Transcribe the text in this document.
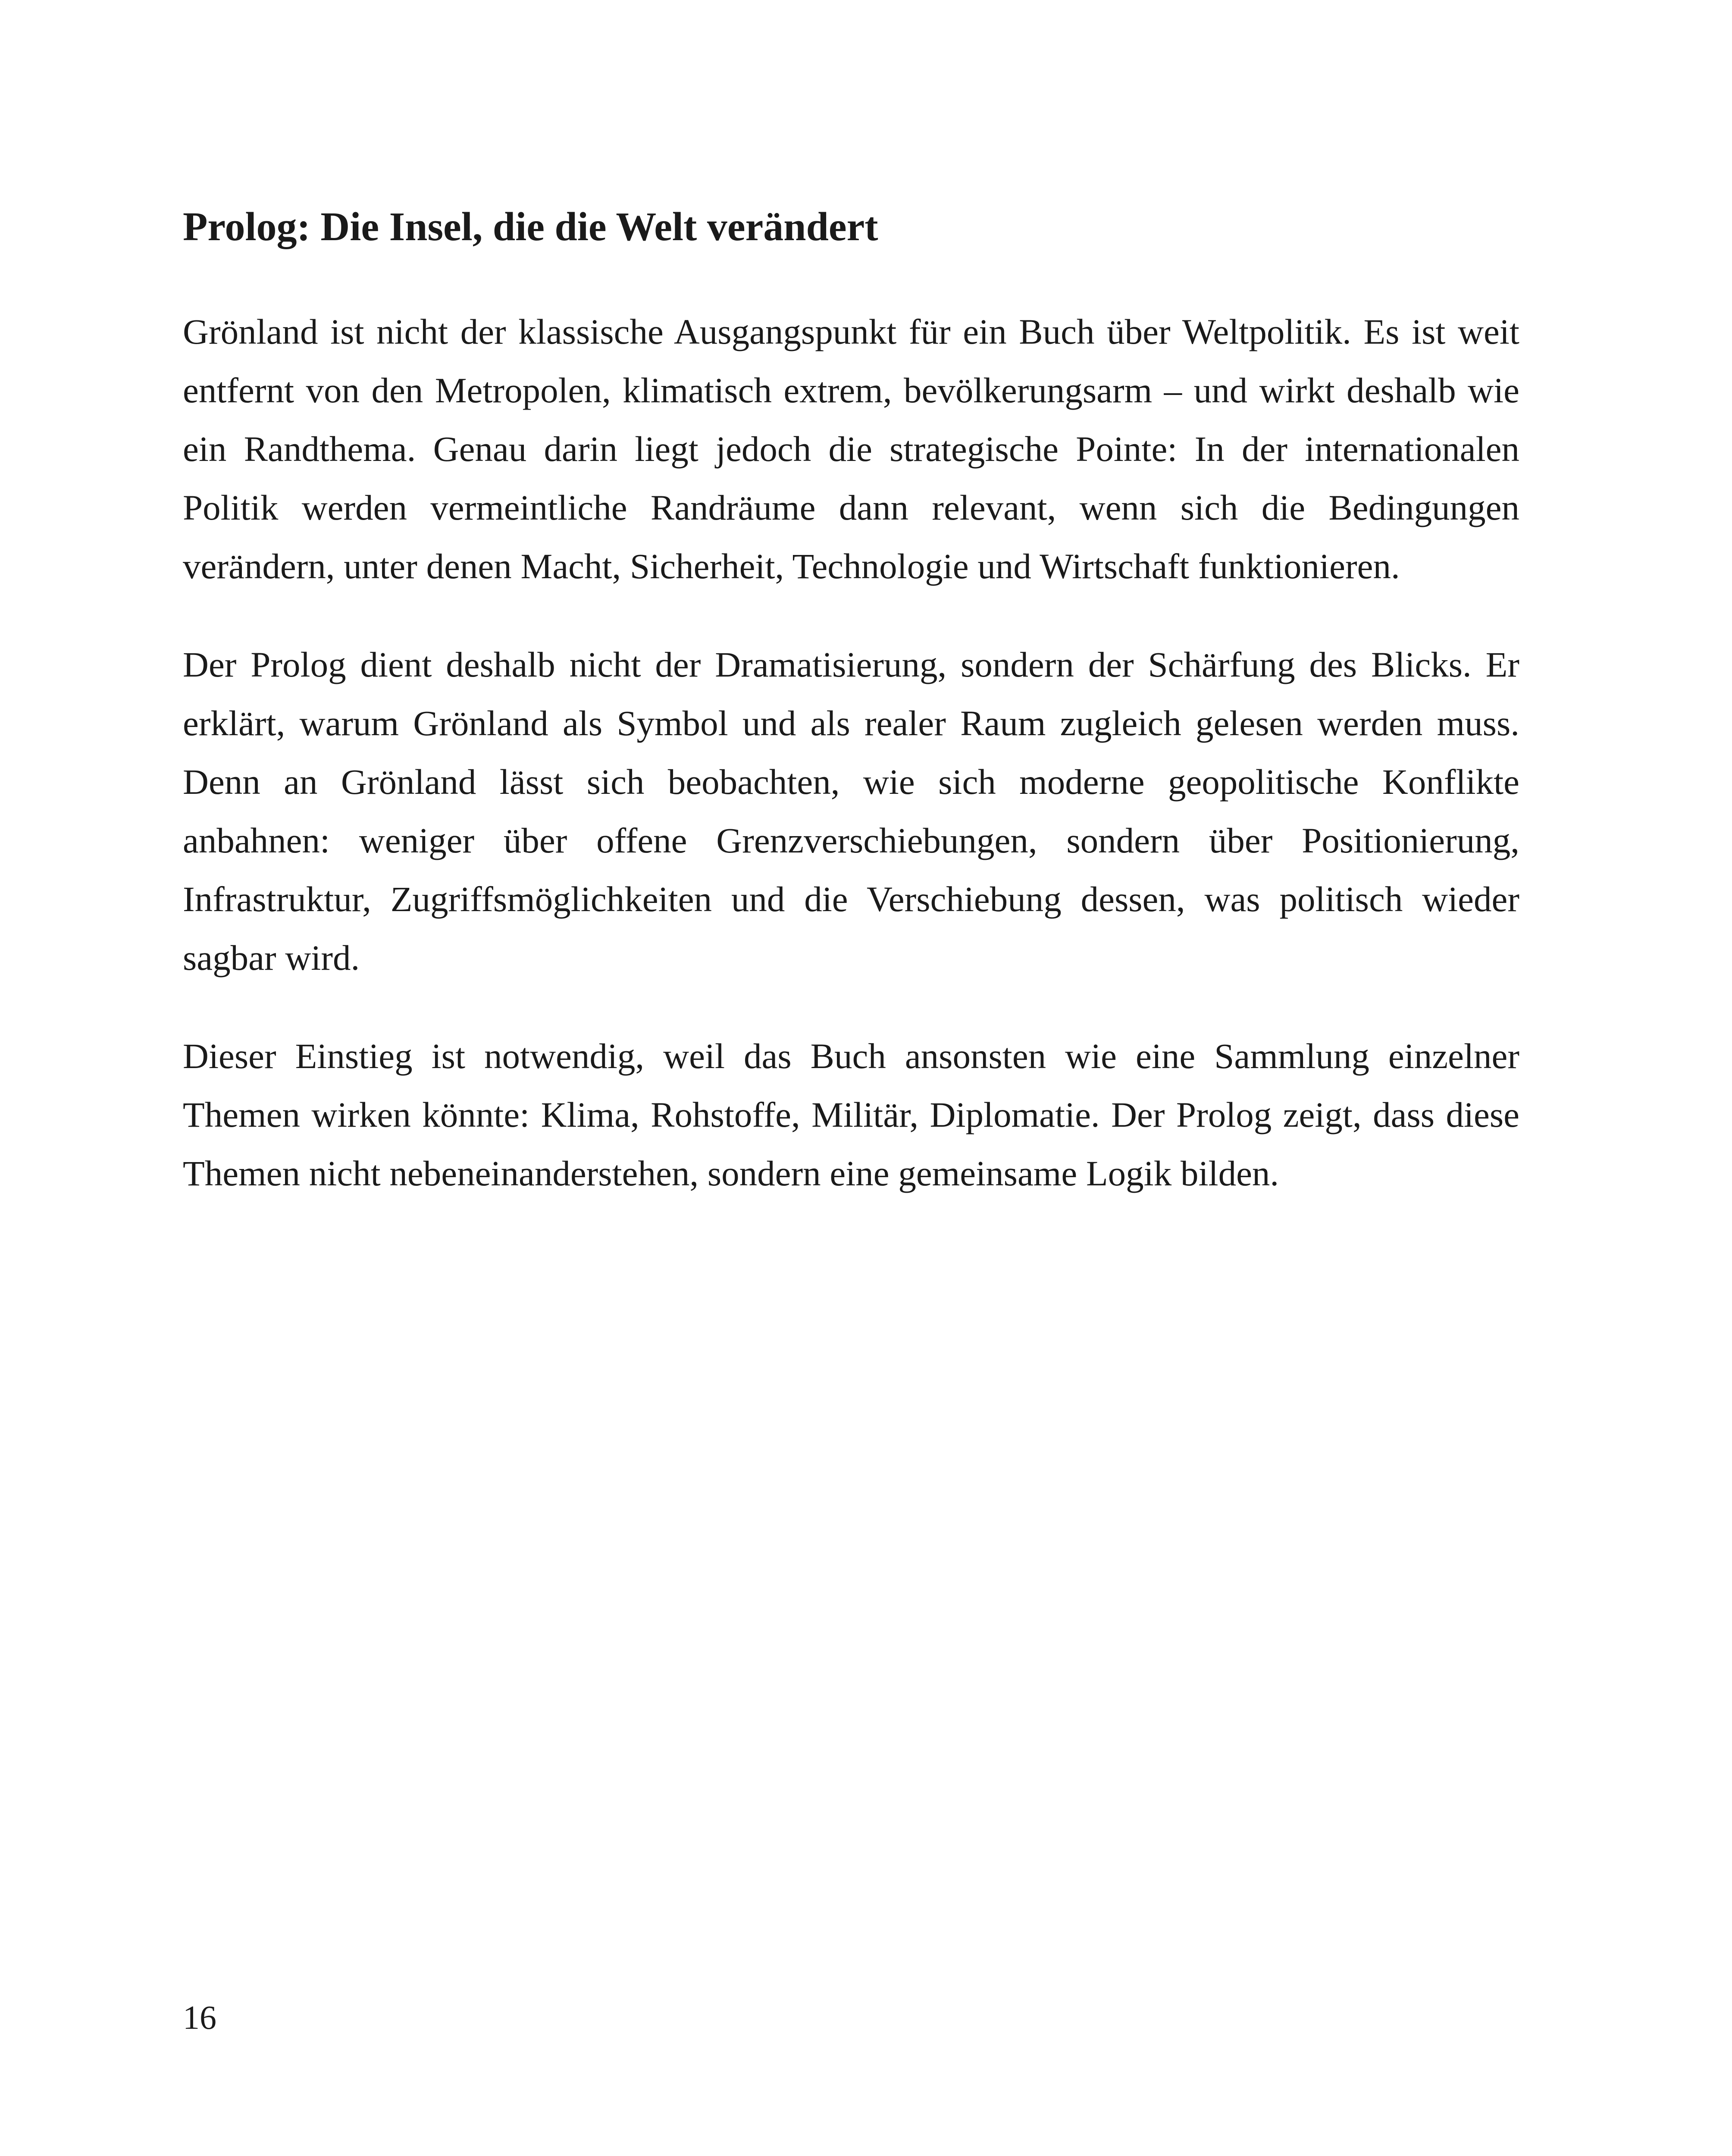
Prolog: Die Insel, die die Welt verändert

Grönland ist nicht der klassische Ausgangspunkt für ein Buch über Weltpolitik. Es ist weit entfernt von den Metropolen, klimatisch extrem, bevölkerungsarm – und wirkt deshalb wie ein Randthema. Genau darin liegt jedoch die strategische Pointe: In der internationalen Politik werden vermeintliche Randräume dann relevant, wenn sich die Bedingungen verändern, unter denen Macht, Sicherheit, Technologie und Wirtschaft funktionieren.

Der Prolog dient deshalb nicht der Dramatisierung, sondern der Schärfung des Blicks. Er erklärt, warum Grönland als Symbol und als realer Raum zugleich gelesen werden muss. Denn an Grönland lässt sich beobachten, wie sich moderne geopolitische Konflikte anbahnen: weniger über offene Grenzverschiebungen, sondern über Positionierung, Infrastruktur, Zugriffsmöglichkeiten und die Verschiebung dessen, was politisch wieder sagbar wird.

Dieser Einstieg ist notwendig, weil das Buch ansonsten wie eine Sammlung einzelner Themen wirken könnte: Klima, Rohstoffe, Militär, Diplomatie. Der Prolog zeigt, dass diese Themen nicht nebeneinanderstehen, sondern eine gemeinsame Logik bilden.

16
